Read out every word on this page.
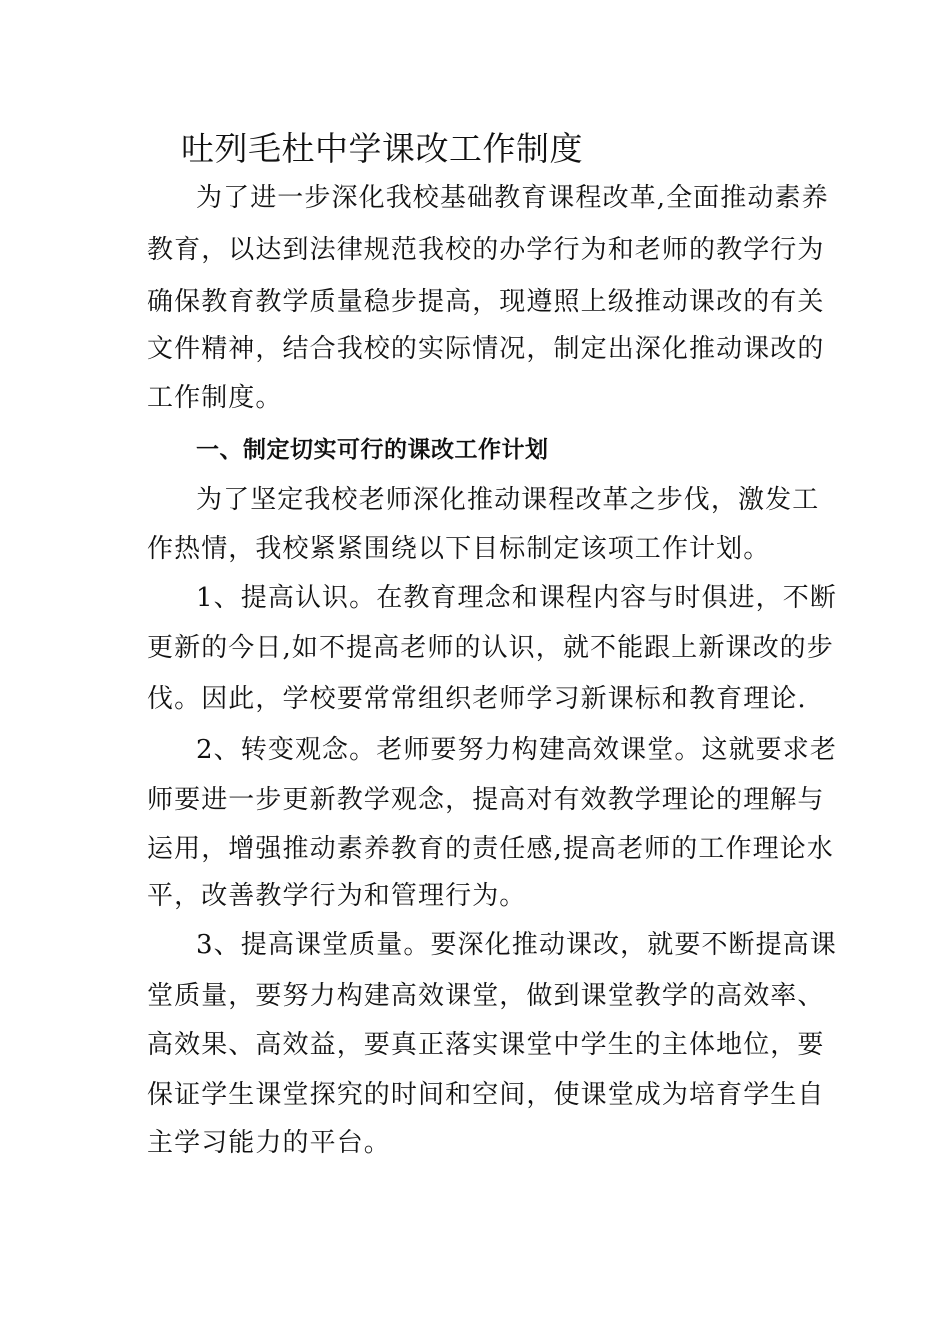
吐列毛杜中学课改工作制度

为了进一步深化我校基础教育课程改革,全面推动素养

教育，以达到法律规范我校的办学行为和老师的教学行为

确保教育教学质量稳步提高，现遵照上级推动课改的有关

文件精神，结合我校的实际情况，制定出深化推动课改的

工作制度。

一、制定切实可行的课改工作计划

为了坚定我校老师深化推动课程改革之步伐，激发工

作热情，我校紧紧围绕以下目标制定该项工作计划。

1、提高认识。在教育理念和课程内容与时俱进，不断

更新的今日,如不提高老师的认识，就不能跟上新课改的步

伐。因此，学校要常常组织老师学习新课标和教育理论.

2、转变观念。老师要努力构建高效课堂。这就要求老

师要进一步更新教学观念，提高对有效教学理论的理解与

运用，增强推动素养教育的责任感,提高老师的工作理论水

平，改善教学行为和管理行为。

3、提高课堂质量。要深化推动课改，就要不断提高课

堂质量，要努力构建高效课堂，做到课堂教学的高效率、

高效果、高效益，要真正落实课堂中学生的主体地位，要

保证学生课堂探究的时间和空间，使课堂成为培育学生自

主学习能力的平台。
